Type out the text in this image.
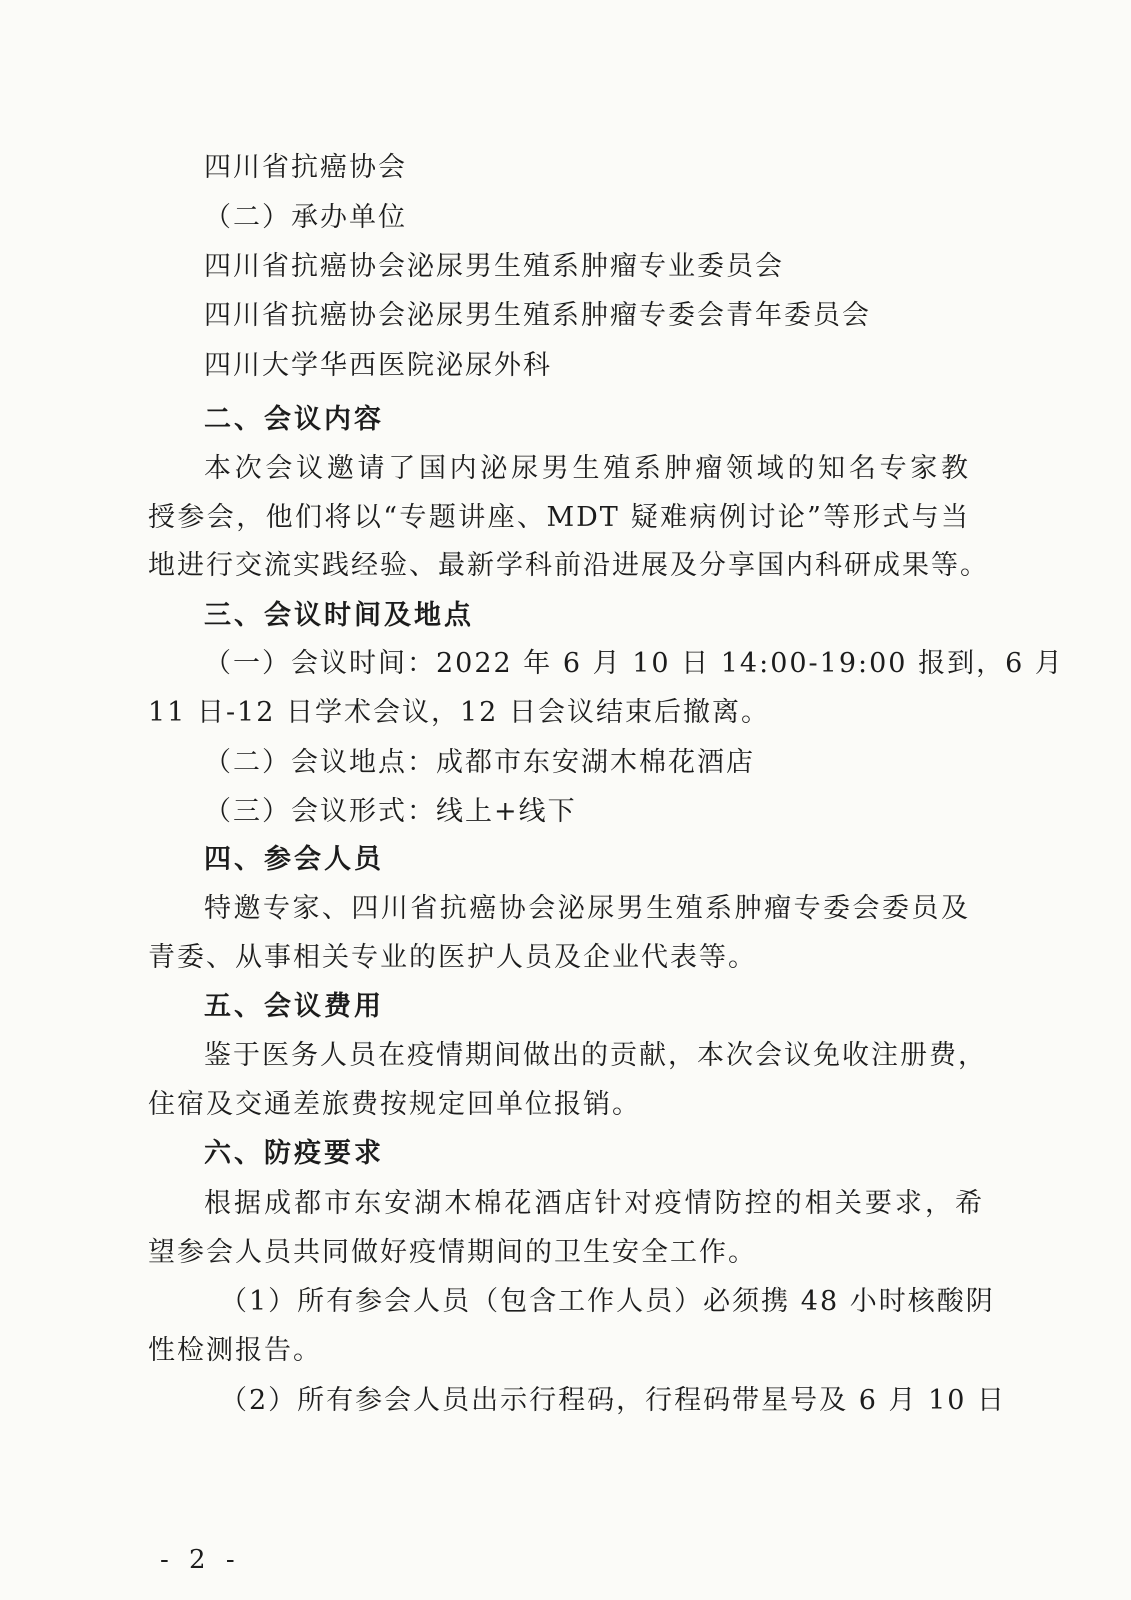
四川省抗癌协会
（二）承办单位
四川省抗癌协会泌尿男生殖系肿瘤专业委员会
四川省抗癌协会泌尿男生殖系肿瘤专委会青年委员会
四川大学华西医院泌尿外科
二、会议内容
本次会议邀请了国内泌尿男生殖系肿瘤领域的知名专家教
授参会，他们将以“专题讲座、MDT 疑难病例讨论”等形式与当
地进行交流实践经验、最新学科前沿进展及分享国内科研成果等。
三、会议时间及地点
（一）会议时间：2022 年 6 月 10 日 14:00-19:00 报到，6 月
11 日-12 日学术会议，12 日会议结束后撤离。
（二）会议地点：成都市东安湖木棉花酒店
（三）会议形式：线上+线下
四、参会人员
特邀专家、四川省抗癌协会泌尿男生殖系肿瘤专委会委员及
青委、从事相关专业的医护人员及企业代表等。
五、会议费用
鉴于医务人员在疫情期间做出的贡献，本次会议免收注册费，
住宿及交通差旅费按规定回单位报销。
六、防疫要求
根据成都市东安湖木棉花酒店针对疫情防控的相关要求，希
望参会人员共同做好疫情期间的卫生安全工作。
（1）所有参会人员（包含工作人员）必须携 48 小时核酸阴
性检测报告。
（2）所有参会人员出示行程码，行程码带星号及 6 月 10 日
- 2 -
